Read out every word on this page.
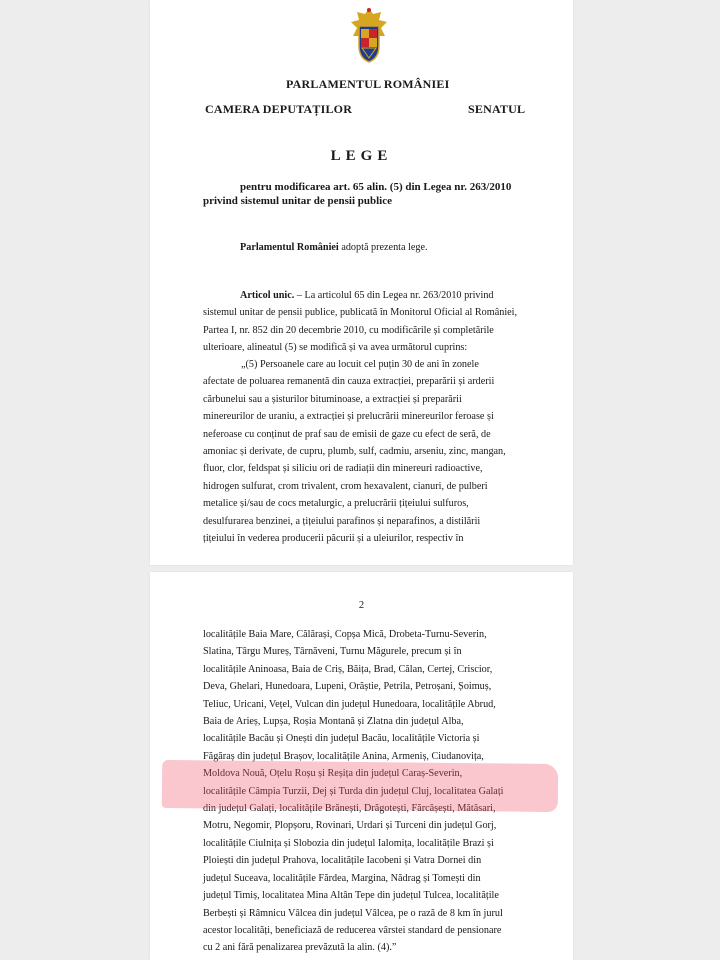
PARLAMENTUL ROMÂNIEI
CAMERA DEPUTAȚILOR	SENATUL
LEGE
pentru modificarea art. 65 alin. (5) din Legea nr. 263/2010
privind sistemul unitar de pensii publice
Parlamentul României adoptă prezenta lege.
Articol unic. – La articolul 65 din Legea nr. 263/2010 privind
sistemul unitar de pensii publice, publicată în Monitorul Oficial al României,
Partea I, nr. 852 din 20 decembrie 2010, cu modificările și completările
ulterioare, alineatul (5) se modifică și va avea următorul cuprins:
„(5) Persoanele care au locuit cel puțin 30 de ani în zonele
afectate de poluarea remanentă din cauza extracției, preparării și arderii
cărbunelui sau a șisturilor bituminoase, a extracției și preparării
minereurilor de uraniu, a extracției și prelucrării minereurilor feroase și
neferoase cu conținut de praf sau de emisii de gaze cu efect de seră, de
amoniac și derivate, de cupru, plumb, sulf, cadmiu, arseniu, zinc, mangan,
fluor, clor, feldspat și siliciu ori de radiații din minereuri radioactive,
hidrogen sulfurat, crom trivalent, crom hexavalent, cianuri, de pulberi
metalice și/sau de cocs metalurgic, a prelucrării țițeiului sulfuros,
desulfurarea benzinei, a țițeiului parafinos și neparafinos, a distilării
țițeiului în vederea producerii păcurii și a uleiurilor, respectiv în
2
localitățile Baia Mare, Călărași, Copșa Mică, Drobeta-Turnu-Severin,
Slatina, Târgu Mureș, Târnăveni, Turnu Măgurele, precum și în
localitățile Aninoasa, Baia de Criș, Băița, Brad, Călan, Certej, Criscior,
Deva, Ghelari, Hunedoara, Lupeni, Orăștie, Petrila, Petroșani, Șoimuș,
Teliuc, Uricani, Vețel, Vulcan din județul Hunedoara, localitățile Abrud,
Baia de Arieș, Lupșa, Roșia Montană și Zlatna din județul Alba,
localitățile Bacău și Onești din județul Bacău, localitățile Victoria și
Făgăraș din județul Brașov, localitățile Anina, Armeniș, Ciudanovița,
Moldova Nouă, Oțelu Roșu și Reșița din județul Caraș-Severin,
localitățile Câmpia Turzii, Dej și Turda din județul Cluj, localitatea Galați
din județul Galați, localitățile Brănești, Drăgotești, Fărcășești, Mătăsari,
Motru, Negomir, Plopșoru, Rovinari, Urdari și Turceni din județul Gorj,
localitățile Ciulnița și Slobozia din județul Ialomița, localitățile Brazi și
Ploiești din județul Prahova, localitățile Iacobeni și Vatra Dornei din
județul Suceava, localitățile Fărdea, Margina, Nădrag și Tomești din
județul Timiș, localitatea Mina Altân Tepe din județul Tulcea, localitățile
Berbești și Râmnicu Vâlcea din județul Vâlcea, pe o rază de 8 km în jurul
acestor localități, beneficiază de reducerea vârstei standard de pensionare
cu 2 ani fără penalizarea prevăzută la alin. (4).”
